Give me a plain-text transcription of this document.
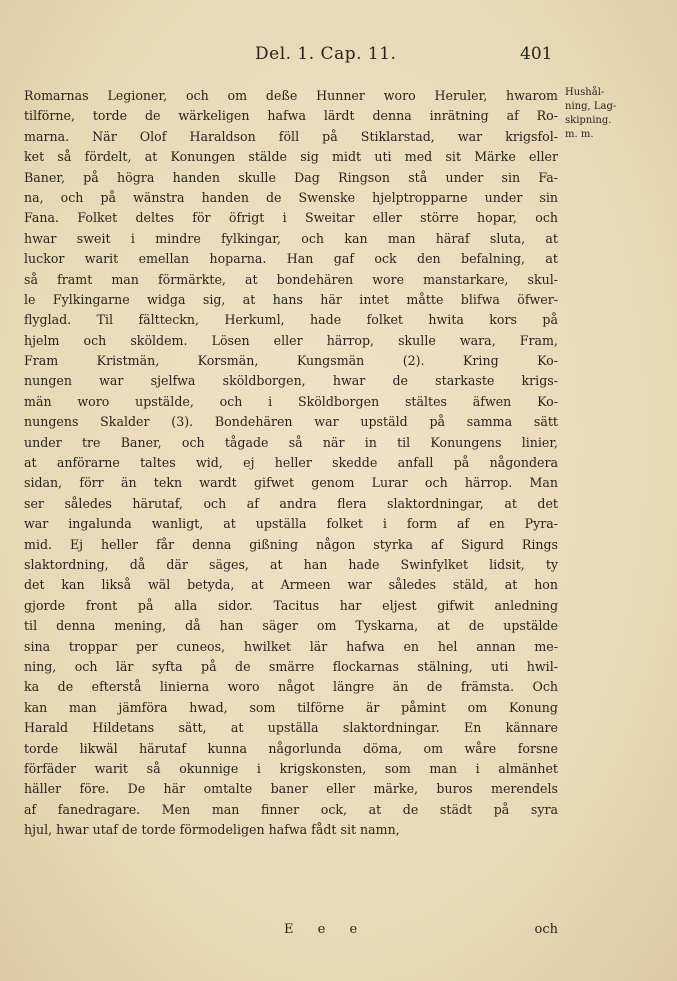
Del. 1. Cap. 11.	401
Romarnas Legioner, och om deße Hunner woro Heruler, hwarom
tilförne, torde de wärkeligen hafwa lärdt denna inrätning af Ro-
marna. När Olof Haraldson föll på Stiklarstad, war krigsfol-
ket så fördelt, at Konungen stälde sig midt uti med sit Märke eller
Baner, på högra handen skulle Dag Ringson stå under sin Fa-
na, och på wänstra handen de Swenske hjelptropparne under sin
Fana. Folket deltes för öfrigt i Sweitar eller större hopar, och
hwar sweit i mindre fylkingar, och kan man häraf sluta, at
luckor warit emellan hoparna. Han gaf ock den befalning, at
så framt man förmärkte, at bondehären wore manstarkare, skul-
le Fylkingarne widga sig, at hans här intet måtte blifwa öfwer-
flyglad. Til fältteckn, Herkuml, hade folket hwita kors på
hjelm och sköldem. Lösen eller härrop, skulle wara, Fram,
Fram Kristmän, Korsmän, Kungsmän (2). Kring Ko-
nungen war sjelfwa sköldborgen, hwar de starkaste krigs-
män woro upstälde, och i Sköldborgen stältes äfwen Ko-
nungens Skalder (3). Bondehären war upstäld på samma sätt
under tre Baner, och tågade så när in til Konungens linier,
at anförarne taltes wid, ej heller skedde anfall på någondera
sidan, förr än tekn wardt gifwet genom Lurar och härrop. Man
ser således härutaf, och af andra flera slaktordningar, at det
war ingalunda wanligt, at upställa folket i form af en Pyra-
mid. Ej heller får denna gißning någon styrka af Sigurd Rings
slaktordning, då där säges, at han hade Swinfylket lidsit, ty
det kan likså wäl betyda, at Armeen war således stäld, at hon
gjorde front på alla sidor. Tacitus har eljest gifwit anledning
til denna mening, då han säger om Tyskarna, at de upstälde
sina troppar per cuneos, hwilket lär hafwa en hel annan me-
ning, och lär syfta på de smärre flockarnas stälning, uti hwil-
ka de efterstå linierna woro något längre än de främsta. Och
kan man jämföra hwad, som tilförne är påmint om Konung
Harald Hildetans sätt, at upställa slaktordningar. En kännare
torde likwäl härutaf kunna någorlunda döma, om wåre forsne
förfäder warit så okunnige i krigskonsten, som man i almänhet
häller före. De här omtalte baner eller märke, buros merendels
af fanedragare. Men man finner ock, at de städt på syra
hjul, hwar utaf de torde förmodeligen hafwa fådt sit namn,
Hushål-
ning, Lag-
skipning.
m. m.
E e e	och
